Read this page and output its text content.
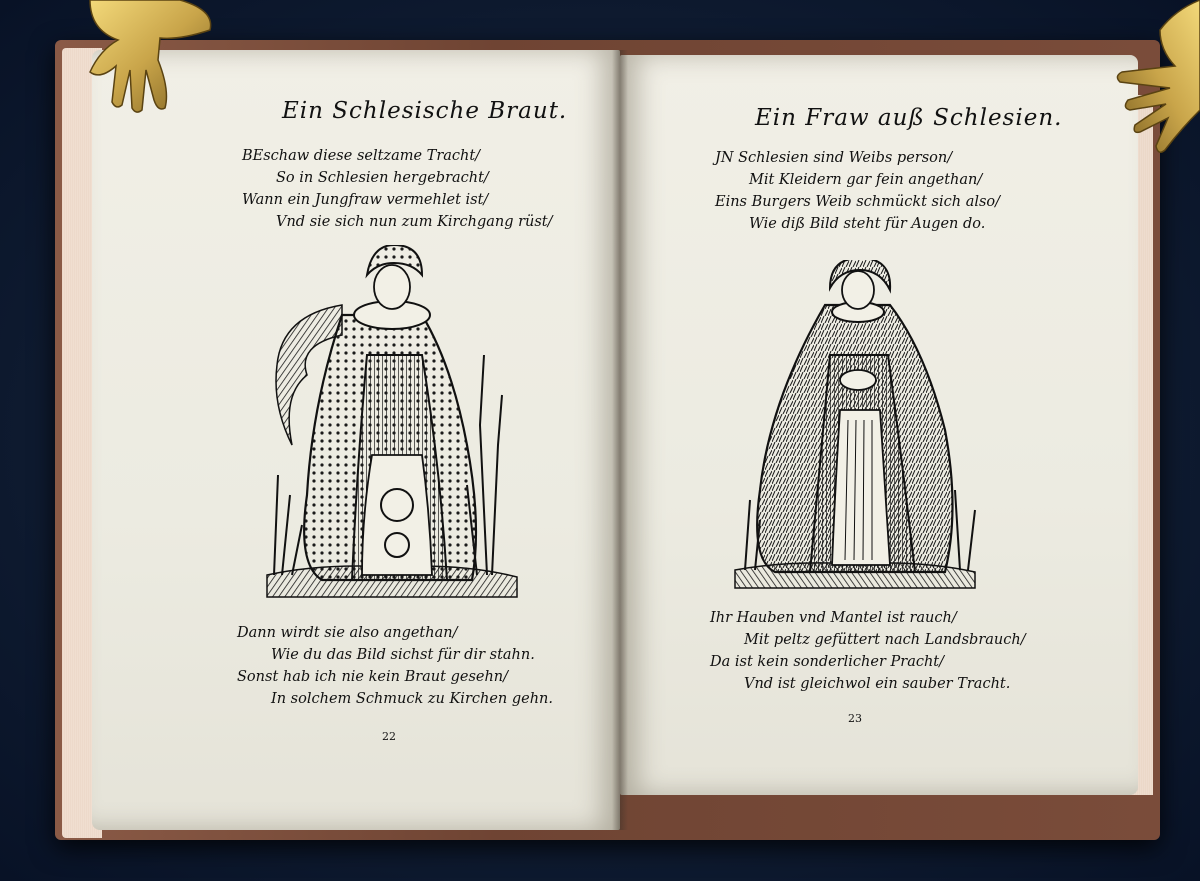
Ein Schlesische Braut.
BEschaw diese seltzame Tracht/
So in Schlesien hergebracht/
Wann ein Jungfraw vermehlet ist/
Vnd sie sich nun zum Kirchgang rüst/
Dann wirdt sie also angethan/
Wie du das Bild sichst für dir stahn.
Sonst hab ich nie kein Braut gesehn/
In solchem Schmuck zu Kirchen gehn.
22
Ein Fraw auß Schlesien.
JN Schlesien sind Weibs person/
Mit Kleidern gar fein angethan/
Eins Burgers Weib schmückt sich also/
Wie diß Bild steht für Augen do.
Ihr Hauben vnd Mantel ist rauch/
Mit peltz gefüttert nach Landsbrauch/
Da ist kein sonderlicher Pracht/
Vnd ist gleichwol ein sauber Tracht.
23
